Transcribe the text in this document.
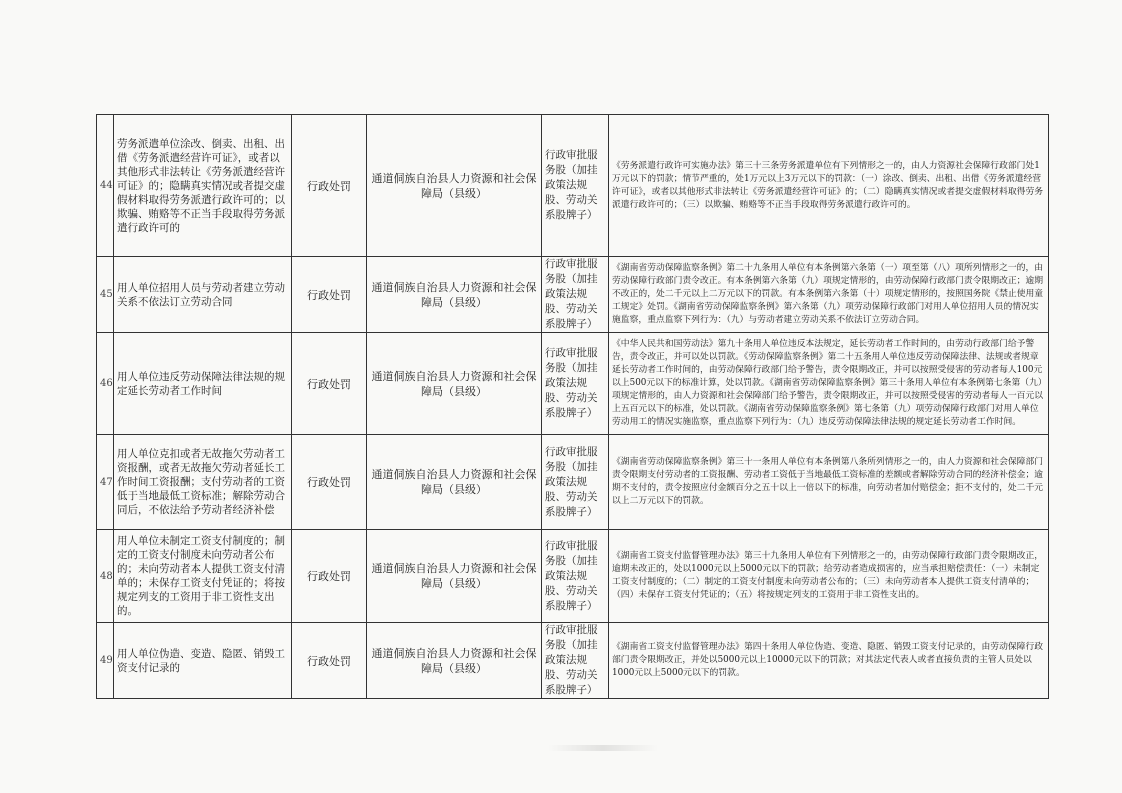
44	劳务派遣单位涂改、倒卖、出租、出借《劳务派遣经营许可证》，或者以其他形式非法转让《劳务派遣经营许可证》的；隐瞒真实情况或者提交虚假材料取得劳务派遣行政许可的；以欺骗、贿赂等不正当手段取得劳务派遣行政许可的	行政处罚	通道侗族自治县人力资源和社会保障局（县级）	行政审批服务股（加挂政策法规股、劳动关系股牌子）	《劳务派遣行政许可实施办法》第三十三条劳务派遣单位有下列情形之一的，由人力资源社会保障行政部门处1万元以下的罚款；情节严重的，处1万元以上3万元以下的罚款：（一）涂改、倒卖、出租、出借《劳务派遣经营许可证》，或者以其他形式非法转让《劳务派遣经营许可证》的；（二）隐瞒真实情况或者提交虚假材料取得劳务派遣行政许可的；（三）以欺骗、贿赂等不正当手段取得劳务派遣行政许可的。
45	用人单位招用人员与劳动者建立劳动关系不依法订立劳动合同	行政处罚	通道侗族自治县人力资源和社会保障局（县级）	行政审批服务股（加挂政策法规股、劳动关系股牌子）	《湖南省劳动保障监察条例》第二十九条用人单位有本条例第六条第（一）项至第（八）项所列情形之一的，由劳动保障行政部门责令改正。有本条例第六条第（九）项规定情形的，由劳动保障行政部门责令限期改正；逾期不改正的，处二千元以上二万元以下的罚款。有本条例第六条第（十）项规定情形的，按照国务院《禁止使用童工规定》处罚。《湖南省劳动保障监察条例》第六条第（九）项劳动保障行政部门对用人单位招用人员的情况实施监察，重点监察下列行为：（九）与劳动者建立劳动关系不依法订立劳动合同。
46	用人单位违反劳动保障法律法规的规定延长劳动者工作时间	行政处罚	通道侗族自治县人力资源和社会保障局（县级）	行政审批服务股（加挂政策法规股、劳动关系股牌子）	《中华人民共和国劳动法》第九十条用人单位违反本法规定，延长劳动者工作时间的，由劳动行政部门给予警告，责令改正，并可以处以罚款。《劳动保障监察条例》第二十五条用人单位违反劳动保障法律、法规或者规章延长劳动者工作时间的，由劳动保障行政部门给予警告，责令限期改正，并可以按照受侵害的劳动者每人100元以上500元以下的标准计算，处以罚款。《湖南省劳动保障监察条例》第三十条用人单位有本条例第七条第（九）项规定情形的，由人力资源和社会保障部门给予警告，责令限期改正，并可以按照受侵害的劳动者每人一百元以上五百元以下的标准，处以罚款。《湖南省劳动保障监察条例》第七条第（九）项劳动保障行政部门对用人单位劳动用工的情况实施监察，重点监察下列行为：（九）违反劳动保障法律法规的规定延长劳动者工作时间。
47	用人单位克扣或者无故拖欠劳动者工资报酬，或者无故拖欠劳动者延长工作时间工资报酬；支付劳动者的工资低于当地最低工资标准；解除劳动合同后，不依法给予劳动者经济补偿	行政处罚	通道侗族自治县人力资源和社会保障局（县级）	行政审批服务股（加挂政策法规股、劳动关系股牌子）	《湖南省劳动保障监察条例》第三十一条用人单位有本条例第八条所列情形之一的，由人力资源和社会保障部门责令限期支付劳动者的工资报酬、劳动者工资低于当地最低工资标准的差额或者解除劳动合同的经济补偿金；逾期不支付的，责令按照应付金额百分之五十以上一倍以下的标准，向劳动者加付赔偿金；拒不支付的，处二千元以上二万元以下的罚款。
48	用人单位未制定工资支付制度的；制定的工资支付制度未向劳动者公布的；未向劳动者本人提供工资支付清单的；未保存工资支付凭证的；将按规定列支的工资用于非工资性支出的。	行政处罚	通道侗族自治县人力资源和社会保障局（县级）	行政审批服务股（加挂政策法规股、劳动关系股牌子）	《湖南省工资支付监督管理办法》第三十九条用人单位有下列情形之一的，由劳动保障行政部门责令限期改正，逾期未改正的，处以1000元以上5000元以下的罚款；给劳动者造成损害的，应当承担赔偿责任：（一）未制定工资支付制度的；（二）制定的工资支付制度未向劳动者公布的；（三）未向劳动者本人提供工资支付清单的；（四）未保存工资支付凭证的；（五）将按规定列支的工资用于非工资性支出的。
49	用人单位伪造、变造、隐匿、销毁工资支付记录的	行政处罚	通道侗族自治县人力资源和社会保障局（县级）	行政审批服务股（加挂政策法规股、劳动关系股牌子）	《湖南省工资支付监督管理办法》第四十条用人单位伪造、变造、隐匿、销毁工资支付记录的，由劳动保障行政部门责令限期改正，并处以5000元以上10000元以下的罚款；对其法定代表人或者直接负责的主管人员处以1000元以上5000元以下的罚款。
